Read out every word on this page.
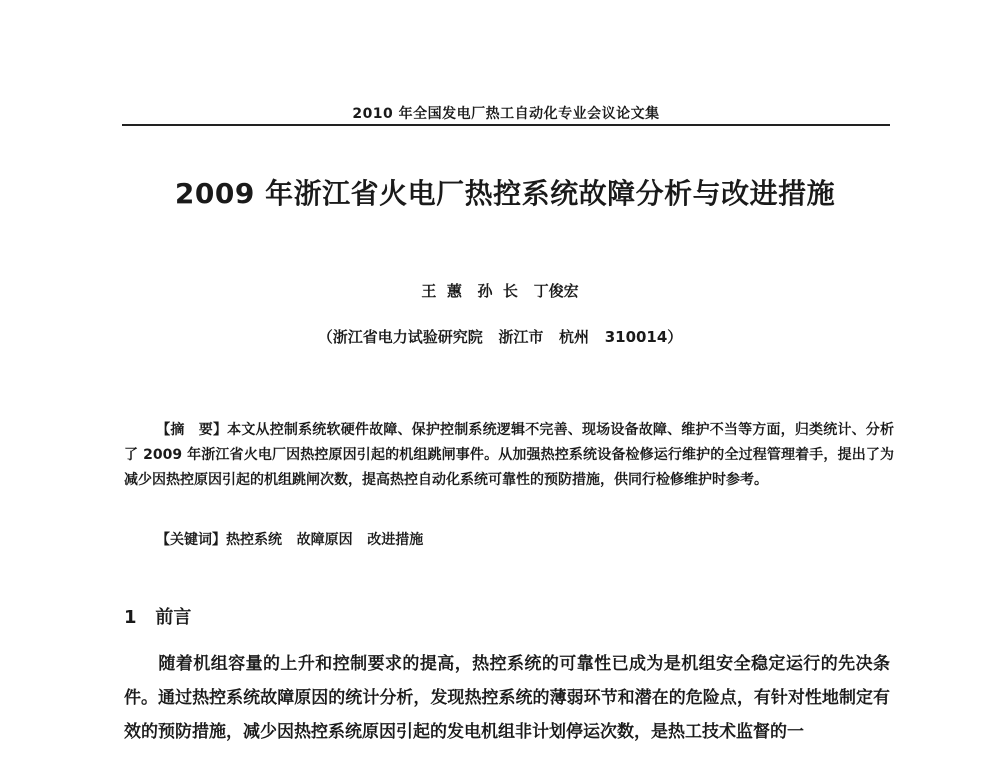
2010 年全国发电厂热工自动化专业会议论文集
2009 年浙江省火电厂热控系统故障分析与改进措施
王  蕙   孙  长   丁俊宏
（浙江省电力试验研究院   浙江市   杭州   310014）
【摘　要】本文从控制系统软硬件故障、保护控制系统逻辑不完善、现场设备故障、维护不当等方面，归类统计、分析了 2009 年浙江省火电厂因热控原因引起的机组跳闸事件。从加强热控系统设备检修运行维护的全过程管理着手，提出了为减少因热控原因引起的机组跳闸次数，提高热控自动化系统可靠性的预防措施，供同行检修维护时参考。
【关键词】热控系统   故障原因   改进措施
1   前言
随着机组容量的上升和控制要求的提高，热控系统的可靠性已成为是机组安全稳定运行的先决条件。通过热控系统故障原因的统计分析，发现热控系统的薄弱环节和潜在的危险点，有针对性地制定有效的预防措施，减少因热控系统原因引起的发电机组非计划停运次数，是热工技术监督的一
